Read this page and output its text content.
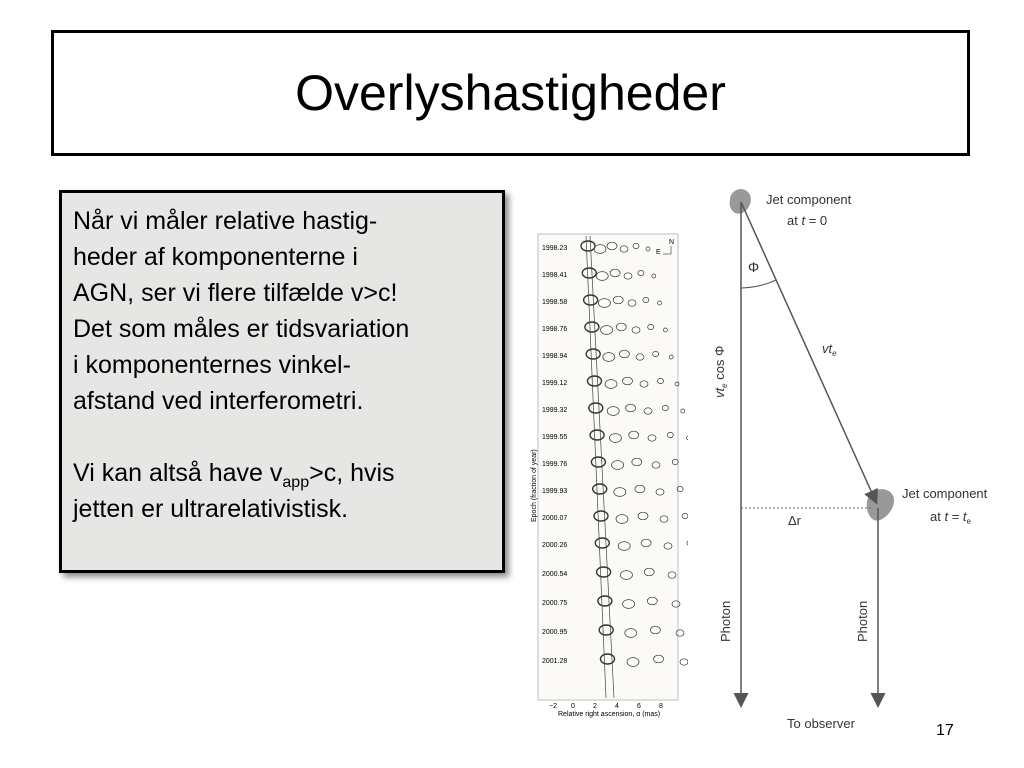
Overlyshastigheder

Når vi måler relative hastig-
heder af komponenterne i
AGN, ser vi flere tilfælde v>c!
Det som måles er tidsvariation
i komponenternes vinkel-
afstand ved interferometri.

Vi kan altså have $v_{app}>c$, hvis
jetten er ultrarelativistisk.

1998.23
1998.41
1998.58
1998.76
1998.94
1999.12
1999.32
1999.55
1999.76
1999.93
2000.07
2000.26
2000.54
2000.75
2000.95
2001.28
N
E
−2 0	2	4	6	8
Relative right ascension, α (mas)
Epoch (fraction of year)
Jet component
at t = 0
Φ
$vt_e$
$vt_e$ cos Φ
Jet component
at $t = t_e$
Δr
Photon	Photon
To observer	17
